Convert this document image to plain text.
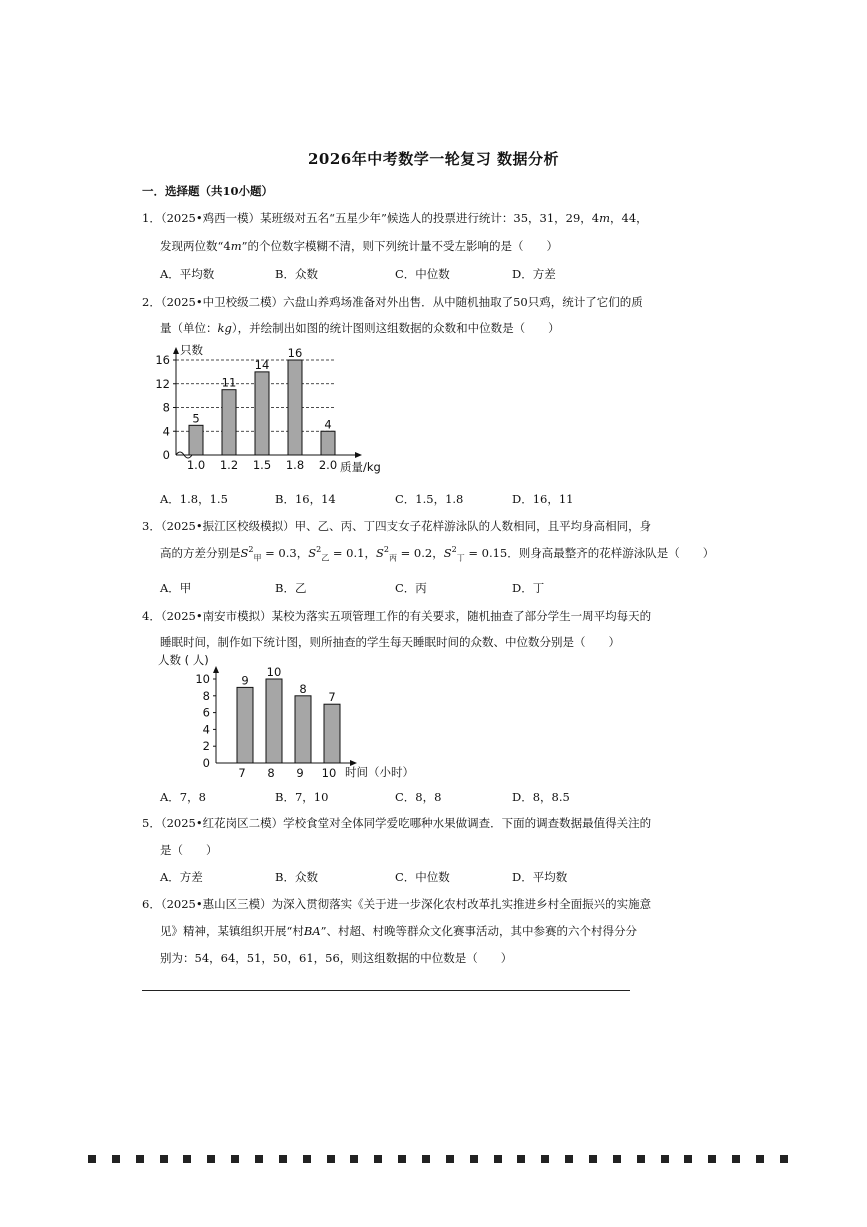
2026年中考数学一轮复习 数据分析
一．选择题（共10小题）
1．（2025•鸡西一模）某班级对五名“五星少年”候选人的投票进行统计：35，31，29，4m，44，
发现两位数“4m”的个位数字模糊不清，则下列统计量不受左影响的是（　　）
A．平均数	B．众数	C．中位数	D．方差
2．（2025•中卫校级二模）六盘山养鸡场准备对外出售．从中随机抽取了50只鸡，统计了它们的质
量（单位：kg），并绘制出如图的统计图则这组数据的众数和中位数是（　　）
0
4
8
12
16
5
1.0
11
1.2
14
1.5
16
1.8
4
2.0
只数
质量/kg
A．1.8，1.5	B．16，14	C．1.5，1.8	D．16，11
3．（2025•振江区校级模拟）甲、乙、丙、丁四支女子花样游泳队的人数相同，且平均身高相同，身
高的方差分别是$S^2_甲 = 0.3$，$S^2_乙 = 0.1$，$S^2_丙 = 0.2$，$S^2_丁 = 0.15$．则身高最整齐的花样游泳队是（　　）
A．甲	B．乙	C．丙	D．丁
4．（2025•南安市模拟）某校为落实五项管理工作的有关要求，随机抽查了部分学生一周平均每天的
睡眠时间，制作如下统计图，则所抽查的学生每天睡眠时间的众数、中位数分别是（　　）
0
2
4
6
8
10	9
7
10
8
8
9
7
10
人数 ( 人)
时间（小时）
A．7，8	B．7，10	C．8，8	D．8，8.5
5．（2025•红花岗区二模）学校食堂对全体同学爱吃哪种水果做调查．下面的调查数据最值得关注的
是（　　）
A．方差	B．众数	C．中位数	D．平均数
6．（2025•惠山区三模）为深入贯彻落实《关于进一步深化农村改革扎实推进乡村全面振兴的实施意
见》精神，某镇组织开展“村BA”、村超、村晚等群众文化赛事活动，其中参赛的六个村得分分
别为：54，64，51，50，61，56，则这组数据的中位数是（　　）
